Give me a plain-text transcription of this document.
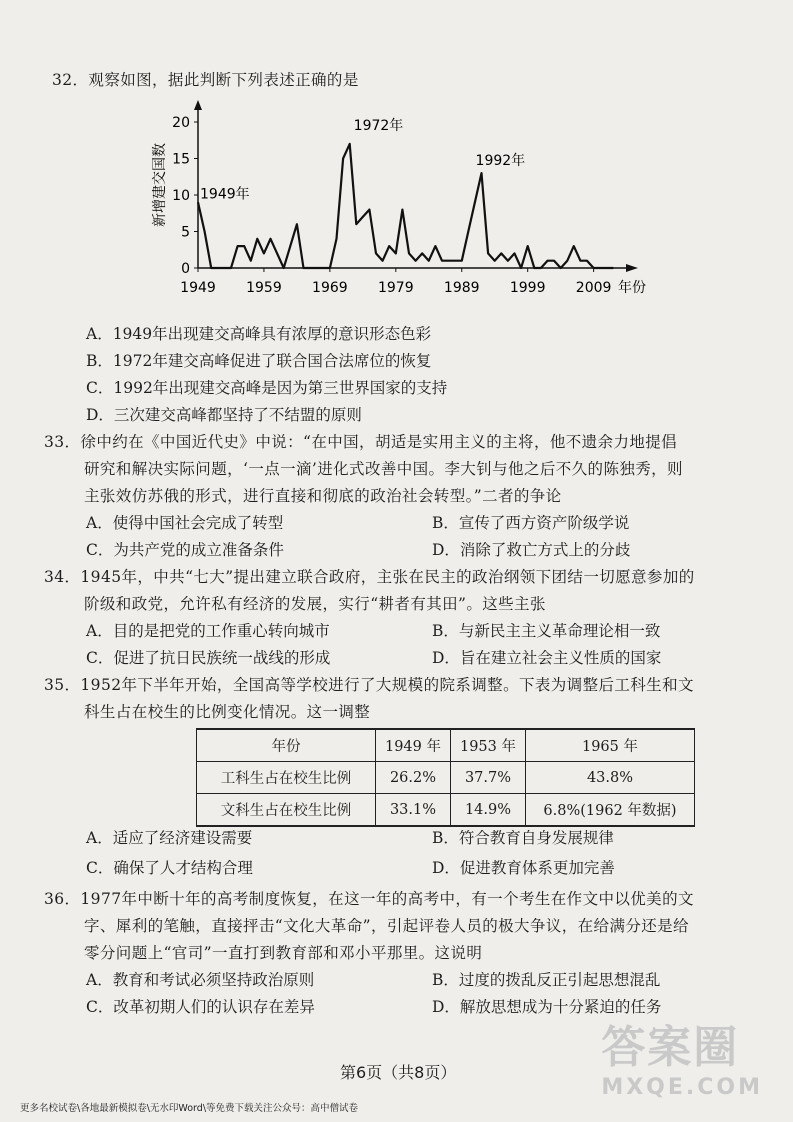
32．观察如图，据此判断下列表述正确的是
0
5
10
15
20
1949 1959 1969 1979 1989 1999 2009 年份
新增建交国数 1949年
1972年
1992年
A．1949年出现建交高峰具有浓厚的意识形态色彩
B．1972年建交高峰促进了联合国合法席位的恢复
C．1992年出现建交高峰是因为第三世界国家的支持
D．三次建交高峰都坚持了不结盟的原则
33．徐中约在《中国近代史》中说：“在中国，胡适是实用主义的主将，他不遗余力地提倡
研究和解决实际问题，‘一点一滴’进化式改善中国。李大钊与他之后不久的陈独秀，则
主张效仿苏俄的形式，进行直接和彻底的政治社会转型。”二者的争论
A．使得中国社会完成了转型	B．宣传了西方资产阶级学说
C．为共产党的成立准备条件	D．消除了救亡方式上的分歧
34．1945年，中共“七大”提出建立联合政府，主张在民主的政治纲领下团结一切愿意参加的
阶级和政党，允许私有经济的发展，实行“耕者有其田”。这些主张
A．目的是把党的工作重心转向城市	B．与新民主主义革命理论相一致
C．促进了抗日民族统一战线的形成	D．旨在建立社会主义性质的国家
35．1952年下半年开始，全国高等学校进行了大规模的院系调整。下表为调整后工科生和文
科生占在校生的比例变化情况。这一调整
年份	1949 年	1953 年	1965 年
工科生占在校生比例	26.2%	37.7%	43.8%
文科生占在校生比例	33.1%	14.9%	6.8%(1962 年数据)
A．适应了经济建设需要	B．符合教育自身发展规律
C．确保了人才结构合理	D．促进教育体系更加完善
36．1977年中断十年的高考制度恢复，在这一年的高考中，有一个考生在作文中以优美的文
字、犀利的笔触，直接抨击“文化大革命”，引起评卷人员的极大争议，在给满分还是给
零分问题上“官司”一直打到教育部和邓小平那里。这说明
A．教育和考试必须坚持政治原则	B．过度的拨乱反正引起思想混乱
C．改革初期人们的认识存在差异	D．解放思想成为十分紧迫的任务
第6页（共8页）
更多名校试卷\各地最新模拟卷\无水印Word\等免费下载关注公众号：高中僧试卷
答案圈
MXQE.COM
